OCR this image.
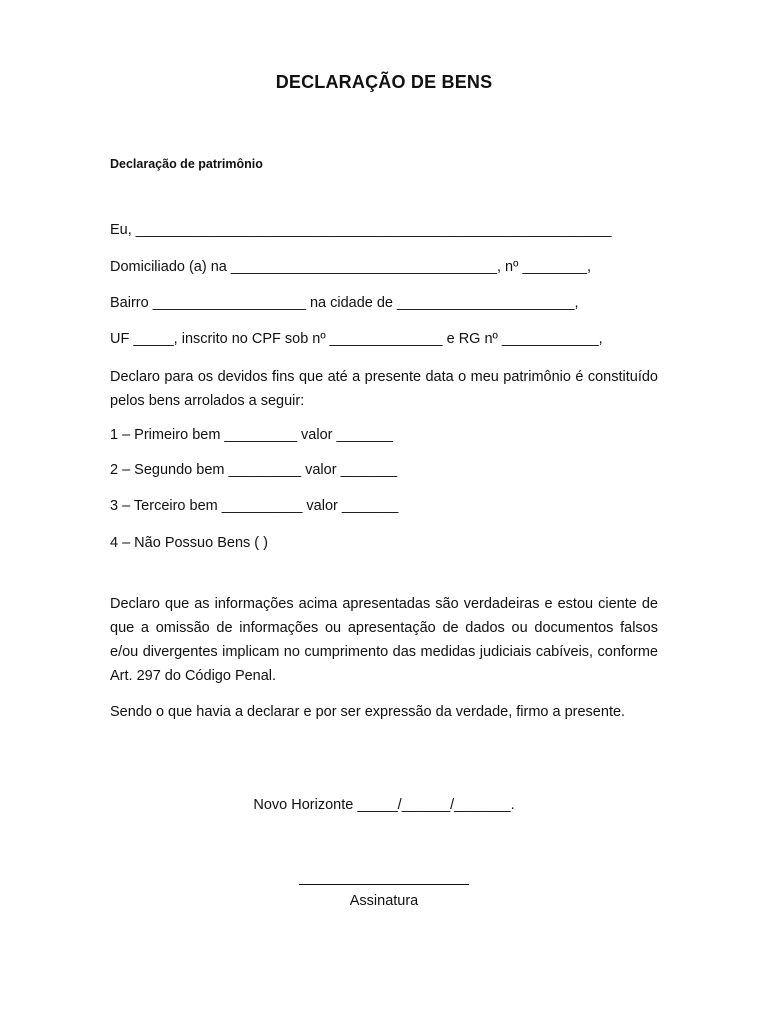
DECLARAÇÃO DE BENS
Declaração de patrimônio
Eu, ___________________________________________________________
Domiciliado (a) na _________________________________, nº ________,
Bairro ___________________ na cidade de ______________________,
UF _____, inscrito no CPF sob nº ______________ e RG nº ____________,
Declaro para os devidos fins que até a presente data o meu patrimônio é constituído pelos bens arrolados a seguir:
1 – Primeiro bem _________ valor _______
2 – Segundo bem _________ valor _______
3 – Terceiro bem __________ valor _______
4 – Não Possuo Bens ( )
Declaro que as informações acima apresentadas são verdadeiras e estou ciente de que a omissão de informações ou apresentação de dados ou documentos falsos e/ou divergentes implicam no cumprimento das medidas judiciais cabíveis, conforme Art. 297 do Código Penal.
Sendo o que havia a declarar e por ser expressão da verdade, firmo a presente.
Novo Horizonte _____/______/_______.
Assinatura
